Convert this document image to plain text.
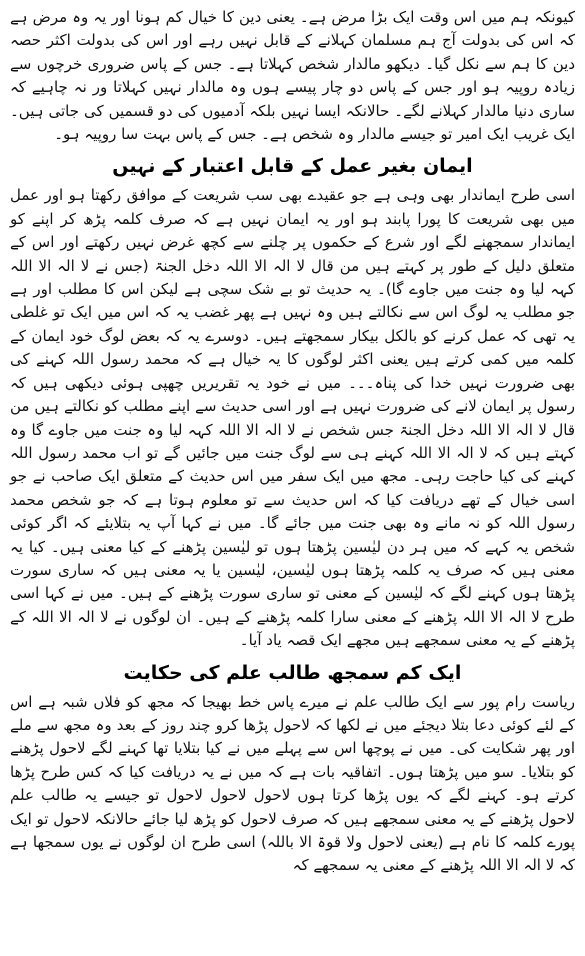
کیونکہ ہم میں اس وقت ایک بڑا مرض ہے۔ یعنی دین کا خیال کم ہونا اور یہ وہ مرض ہے کہ اس کی بدولت آج ہم مسلمان کہلانے کے قابل نہیں رہے اور اس کی بدولت اکثر حصہ دین کا ہم سے نکل گیا۔ دیکھو مالدار شخص کہلاتا ہے۔ جس کے پاس ضروری خرچوں سے زیادہ روپیہ ہو اور جس کے پاس دو چار پیسے ہوں وہ مالدار نہیں کہلاتا ور نہ چاہیے کہ ساری دنیا مالدار کہلانے لگے۔ حالانکہ ایسا نہیں بلکہ آدمیوں کی دو قسمیں کی جاتی ہیں۔ ایک غریب ایک امیر تو جیسے مالدار وہ شخص ہے۔ جس کے پاس بہت سا روپیہ ہو۔

ایمان بغیر عمل کے قابل اعتبار کے نہیں

اسی طرح ایماندار بھی وہی ہے جو عقیدے بھی سب شریعت کے موافق رکھتا ہو اور عمل میں بھی شریعت کا پورا پابند ہو اور یہ ایمان نہیں ہے کہ صرف کلمہ پڑھ کر اپنے کو ایماندار سمجھنے لگے اور شرع کے حکموں پر چلنے سے کچھ غرض نہیں رکھتے اور اس کے متعلق دلیل کے طور پر کہتے ہیں من قال لا الہ الا اللہ دخل الجنۃ (جس نے لا الہ الا اللہ کہہ لیا وہ جنت میں جاوے گا)۔ یہ حدیث تو بے شک سچی ہے لیکن اس کا مطلب اور ہے جو مطلب یہ لوگ اس سے نکالتے ہیں وہ نہیں ہے پھر غضب یہ کہ اس میں ایک تو غلطی یہ تھی کہ عمل کرنے کو بالکل بیکار سمجھتے ہیں۔ دوسرے یہ کہ بعض لوگ خود ایمان کے کلمہ میں کمی کرتے ہیں یعنی اکثر لوگوں کا یہ خیال ہے کہ محمد رسول اللہ کہنے کی بھی ضرورت نہیں خدا کی پناہ۔۔۔ میں نے خود یہ تقریریں چھپی ہوئی دیکھی ہیں کہ رسول پر ایمان لانے کی ضرورت نہیں ہے اور اسی حدیث سے اپنے مطلب کو نکالتے ہیں من قال لا الہ الا اللہ دخل الجنۃ جس شخص نے لا الہ الا اللہ کہہ لیا وہ جنت میں جاوے گا وہ کہتے ہیں کہ لا الہ الا اللہ کہنے ہی سے لوگ جنت میں جائیں گے تو اب محمد رسول اللہ کہنے کی کیا حاجت رہی۔ مجھ میں ایک سفر میں اس حدیث کے متعلق ایک صاحب نے جو اسی خیال کے تھے دریافت کیا کہ اس حدیث سے تو معلوم ہوتا ہے کہ جو شخص محمد رسول اللہ کو نہ مانے وہ بھی جنت میں جائے گا۔ میں نے کہا آپ یہ بتلایئے کہ اگر کوئی شخص یہ کہے کہ میں ہر دن لیٰسین پڑھتا ہوں تو لیٰسین پڑھنے کے کیا معنی ہیں۔ کیا یہ معنی ہیں کہ صرف یہ کلمہ پڑھتا ہوں لیٰسین، لیٰسین یا یہ معنی ہیں کہ ساری سورت پڑھتا ہوں کہنے لگے کہ لیٰسین کے معنی تو ساری سورت پڑھنے کے ہیں۔ میں نے کہا اسی طرح لا الہ الا اللہ پڑھنے کے معنی سارا کلمہ پڑھنے کے ہیں۔ ان لوگوں نے لا الہ الا اللہ کے پڑھنے کے یہ معنی سمجھے ہیں مجھے ایک قصہ یاد آیا۔

ایک کم سمجھ طالب علم کی حکایت

ریاست رام پور سے ایک طالب علم نے میرے پاس خط بھیجا کہ مجھ کو فلاں شبہ ہے اس کے لئے کوئی دعا بتلا دیجئے میں نے لکھا کہ لاحول پڑھا کرو چند روز کے بعد وہ مجھ سے ملے اور پھر شکایت کی۔ میں نے پوچھا اس سے پہلے میں نے کیا بتلایا تھا کہنے لگے لاحول پڑھنے کو بتلایا۔ سو میں پڑھتا ہوں۔ اتفاقیہ بات ہے کہ میں نے یہ دریافت کیا کہ کس طرح پڑھا کرتے ہو۔ کہنے لگے کہ یوں پڑھا کرتا ہوں لاحول لاحول لاحول تو جیسے یہ طالب علم لاحول پڑھنے کے یہ معنی سمجھے ہیں کہ صرف لاحول کو پڑھ لیا جائے حالانکہ لاحول تو ایک پورے کلمہ کا نام ہے (یعنی لاحول ولا قوۃ الا باللہ) اسی طرح ان لوگوں نے یوں سمجھا ہے کہ لا الہ الا اللہ پڑھنے کے معنی یہ سمجھے کہ
